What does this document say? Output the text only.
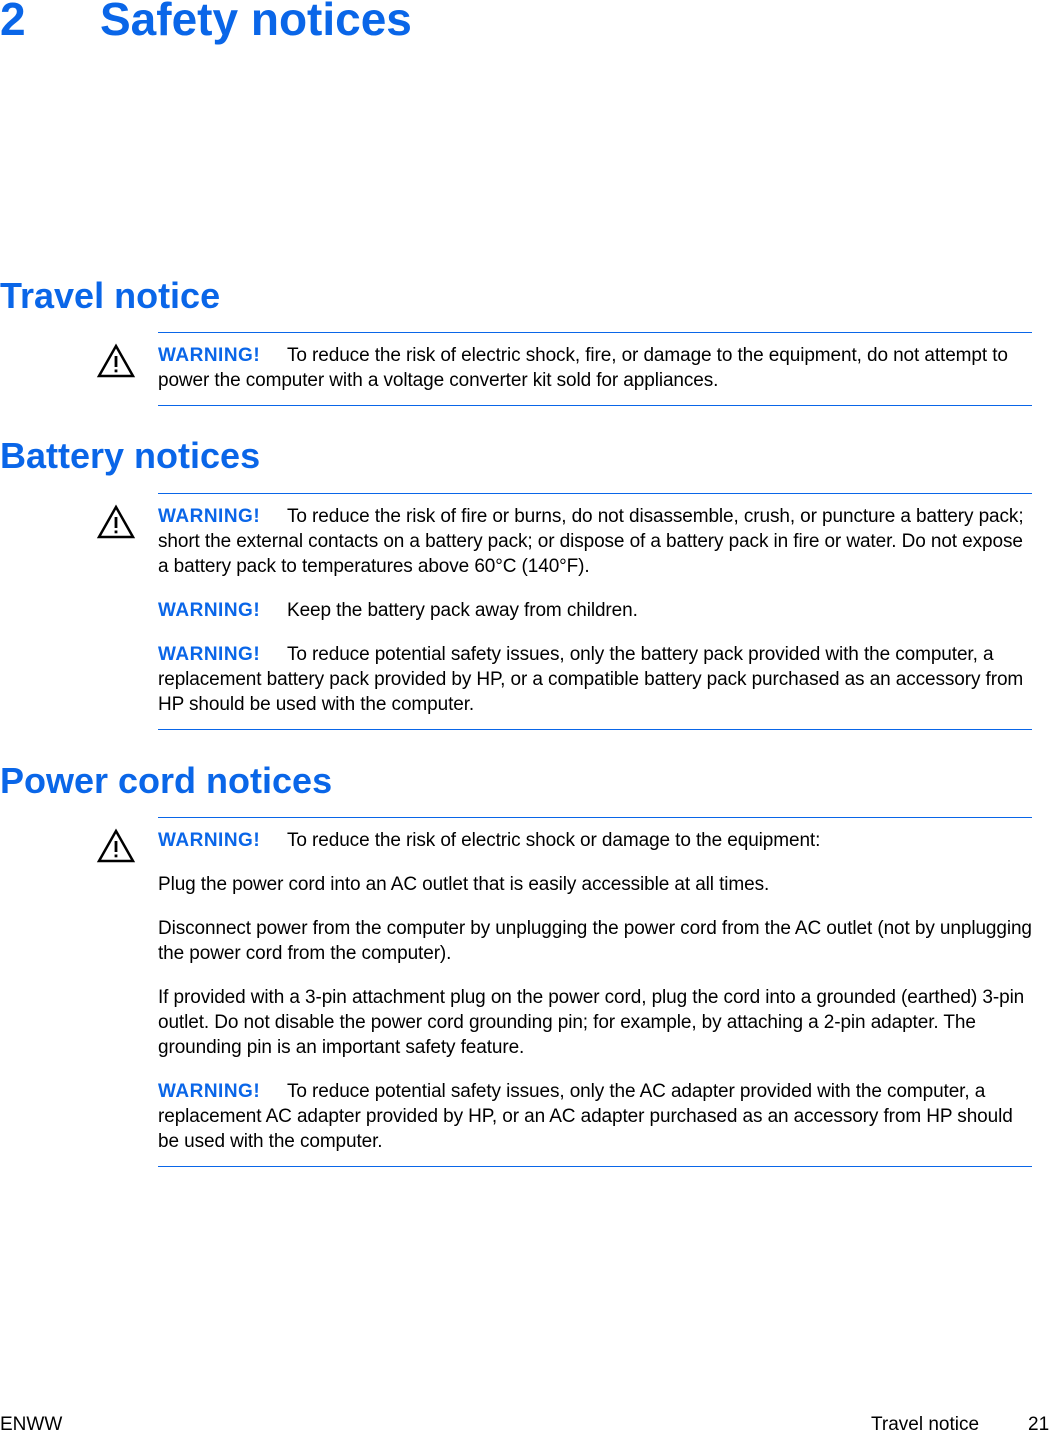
2 Safety notices
Travel notice

WARNING! To reduce the risk of electric shock, fire, or damage to the equipment, do not attempt to power the computer with a voltage converter kit sold for appliances.

Battery notices

WARNING! To reduce the risk of fire or burns, do not disassemble, crush, or puncture a battery pack; short the external contacts on a battery pack; or dispose of a battery pack in fire or water. Do not expose a battery pack to temperatures above 60°C (140°F).

WARNING! Keep the battery pack away from children.

WARNING! To reduce potential safety issues, only the battery pack provided with the computer, a replacement battery pack provided by HP, or a compatible battery pack purchased as an accessory from HP should be used with the computer.

Power cord notices

WARNING! To reduce the risk of electric shock or damage to the equipment:

Plug the power cord into an AC outlet that is easily accessible at all times.

Disconnect power from the computer by unplugging the power cord from the AC outlet (not by unplugging the power cord from the computer).

If provided with a 3-pin attachment plug on the power cord, plug the cord into a grounded (earthed) 3-pin outlet. Do not disable the power cord grounding pin; for example, by attaching a 2-pin adapter. The grounding pin is an important safety feature.

WARNING! To reduce potential safety issues, only the AC adapter provided with the computer, a replacement AC adapter provided by HP, or an AC adapter purchased as an accessory from HP should be used with the computer.

ENWW	Travel notice	21
